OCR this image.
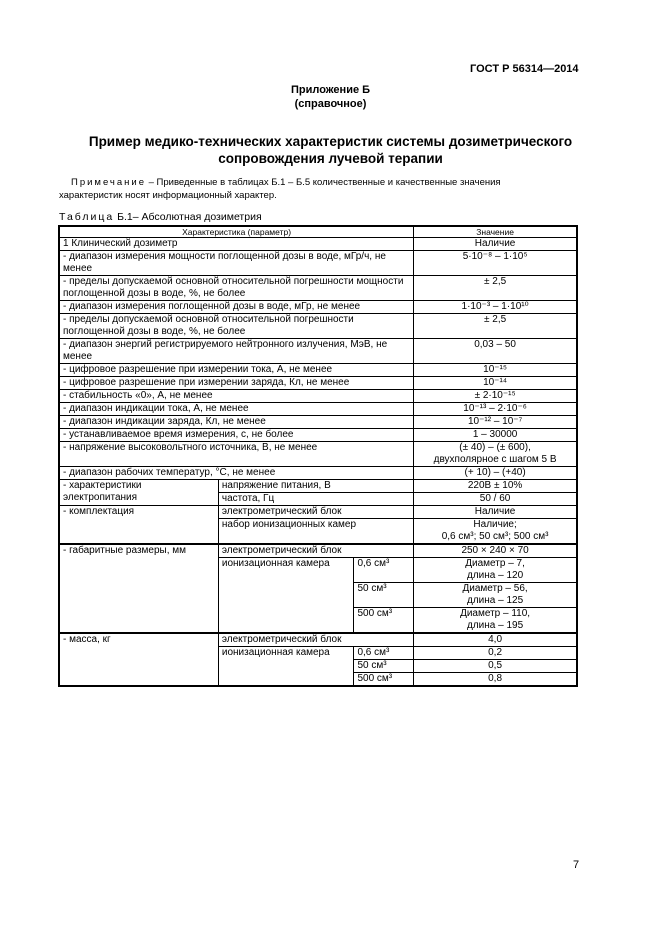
ГОСТ Р 56314—2014
Приложение Б
(справочное)
Пример медико-технических характеристик системы дозиметрического
сопровождения лучевой терапии
Примечание – Приведенные в таблицах Б.1 – Б.5 количественные и качественные значения
характеристик носят информационный характер.
Таблица Б.1– Абсолютная дозиметрия
Характеристика (параметр)			Значение
1 Клинический дозиметр			Наличие
- диапазон измерения мощности поглощенной дозы в воде, мГр/ч, не менее			5·10⁻⁸ – 1·10⁵
- пределы допускаемой основной относительной погрешности мощности поглощенной дозы в воде, %, не более			± 2,5
- диапазон измерения поглощенной дозы в воде, мГр, не менее			1·10⁻³ – 1·10¹⁰
- пределы допускаемой основной относительной погрешности поглощенной дозы в воде, %, не более			± 2,5
- диапазон энергий регистрируемого нейтронного излучения, МэВ, не менее			0,03 – 50
- цифровое разрешение при измерении тока, А, не менее			10⁻¹⁵
- цифровое разрешение при измерении заряда, Кл, не менее			10⁻¹⁴
- стабильность «0», А, не менее			± 2·10⁻¹⁵
- диапазон индикации тока, А, не менее			10⁻¹³ – 2·10⁻⁶
- диапазон индикации заряда, Кл, не менее			10⁻¹² – 10⁻⁷
- устанавливаемое время измерения, с, не более			1 – 30000
- напряжение высоковольтного источника, В, не менее			(± 40) – (± 600),
двухполярное с шагом 5 В
- диапазон рабочих температур, °С, не менее			(+ 10) – (+40)
- характеристики электропитания	напряжение питания, В		220В ± 10%
	частота, Гц		50 / 60
- комплектация	электрометрический блок		Наличие
	набор ионизационных камер		Наличие;
0,6 см³; 50 см³; 500 см³

- габаритные размеры, мм	электрометрический блок		250 × 240 × 70
	ионизационная камера	0,6 см³	Диаметр – 7,
длина – 120

		50 см³	Диаметр – 56,
длина – 125

		500 см³	Диаметр – 110,
длина – 195

- масса, кг	электрометрический блок		4,0
	ионизационная камера	0,6 см³	0,2
		50 см³	0,5
		500 см³	0,8
7
